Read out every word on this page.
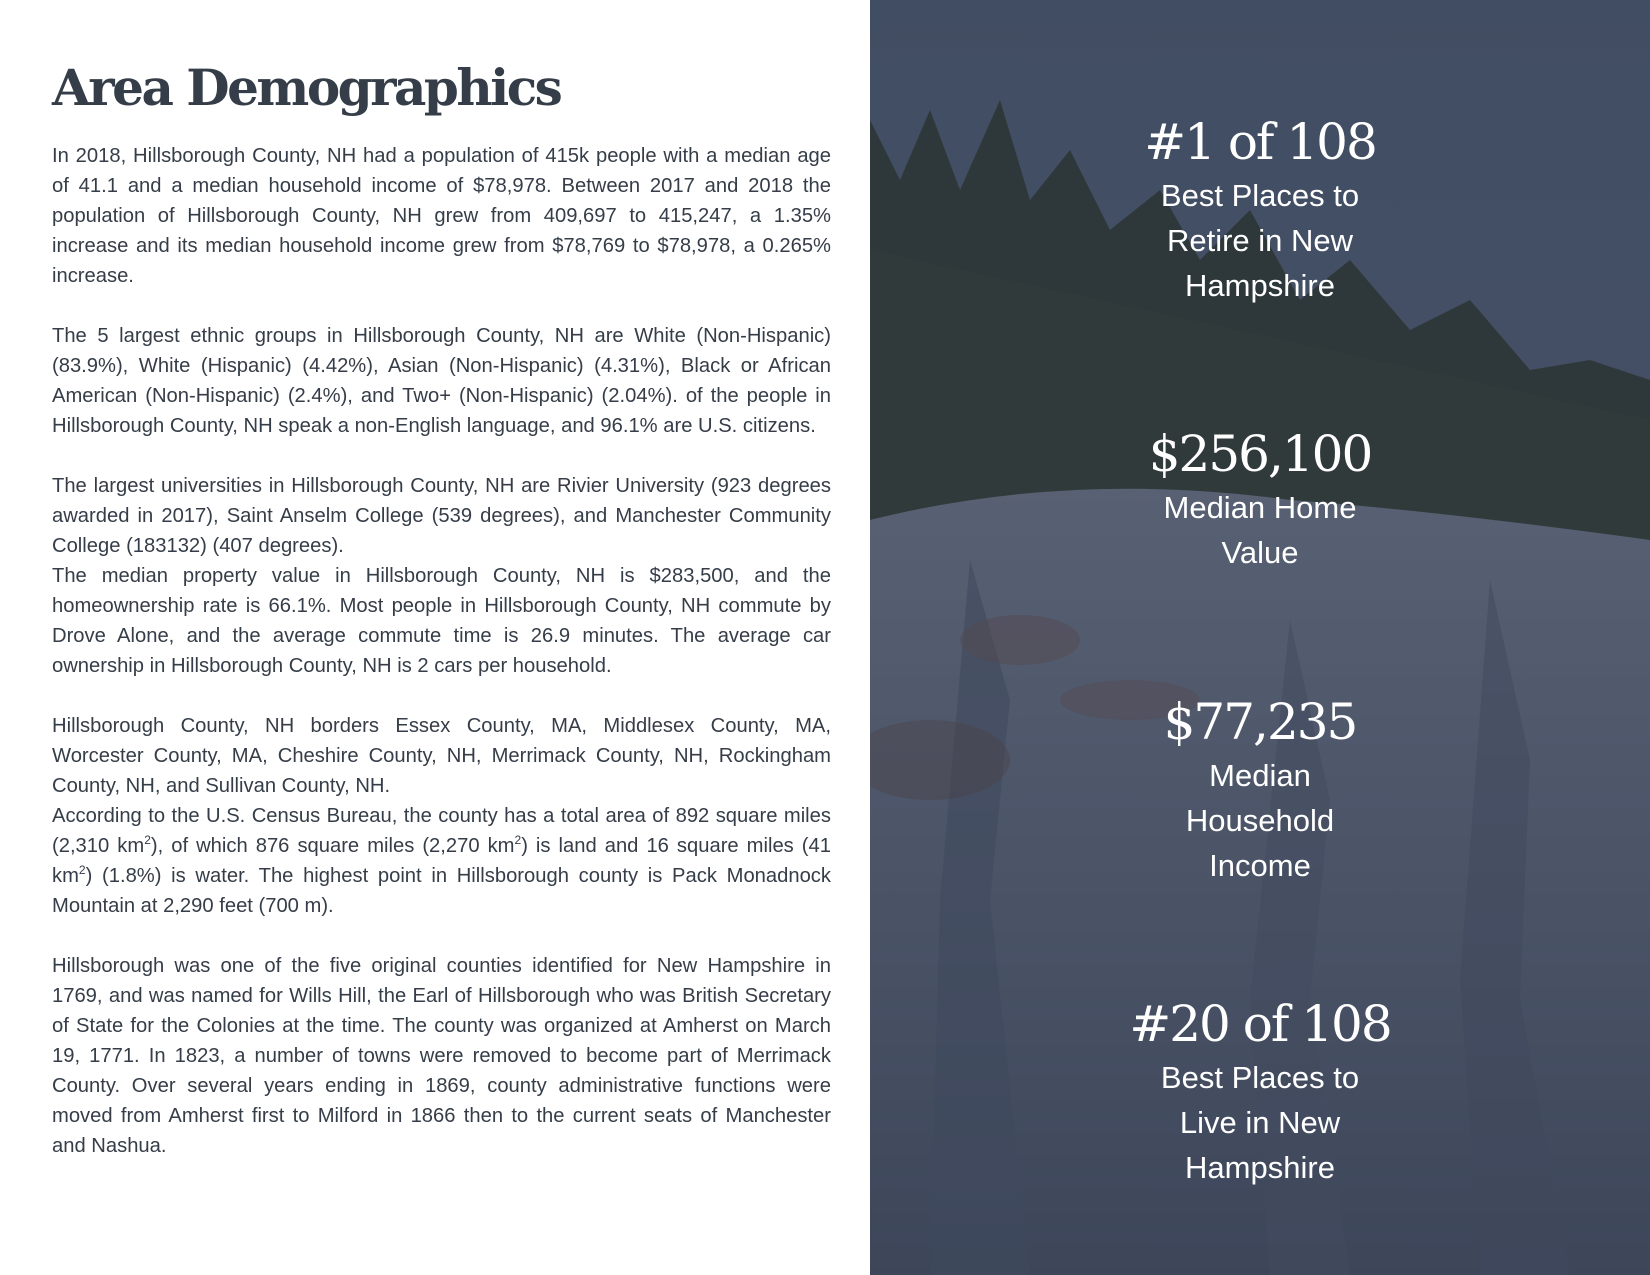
Area Demographics

In 2018, Hillsborough County, NH had a population of 415k people with a median age of 41.1 and a median household income of $78,978. Between 2017 and 2018 the population of Hillsborough County, NH grew from 409,697 to 415,247, a 1.35% increase and its median household income grew from $78,769 to $78,978, a 0.265% increase.

The 5 largest ethnic groups in Hillsborough County, NH are White (Non-Hispanic) (83.9%), White (Hispanic) (4.42%), Asian (Non-Hispanic) (4.31%), Black or African American (Non-Hispanic) (2.4%), and Two+ (Non-Hispanic) (2.04%). of the people in Hillsborough County, NH speak a non-English language, and 96.1% are U.S. citizens.

The largest universities in Hillsborough County, NH are Rivier University (923 degrees awarded in 2017), Saint Anselm College (539 degrees), and Manchester Community College (183132) (407 degrees).

The median property value in Hillsborough County, NH is $283,500, and the homeownership rate is 66.1%. Most people in Hillsborough County, NH commute by Drove Alone, and the average commute time is 26.9 minutes. The average car ownership in Hillsborough County, NH is 2 cars per household.

Hillsborough County, NH borders Essex County, MA, Middlesex County, MA, Worcester County, MA, Cheshire County, NH, Merrimack County, NH, Rockingham County, NH, and Sullivan County, NH.

According to the U.S. Census Bureau, the county has a total area of 892 square miles (2,310 $km^2$), of which 876 square miles (2,270 $km^2$) is land and 16 square miles (41 $km^2$) (1.8%) is water. The highest point in Hillsborough county is Pack Monadnock Mountain at 2,290 feet (700 m).

Hillsborough was one of the five original counties identified for New Hampshire in 1769, and was named for Wills Hill, the Earl of Hillsborough who was British Secretary of State for the Colonies at the time. The county was organized at Amherst on March 19, 1771. In 1823, a number of towns were removed to become part of Merrimack County. Over several years ending in 1869, county administrative functions were moved from Amherst first to Milford in 1866 then to the current seats of Manchester and Nashua.

#1 of 108
Best Places to Retire in New Hampshire
$256,100
Median Home Value
$77,235
Median Household Income
#20 of 108
Best Places to Live in New Hampshire
